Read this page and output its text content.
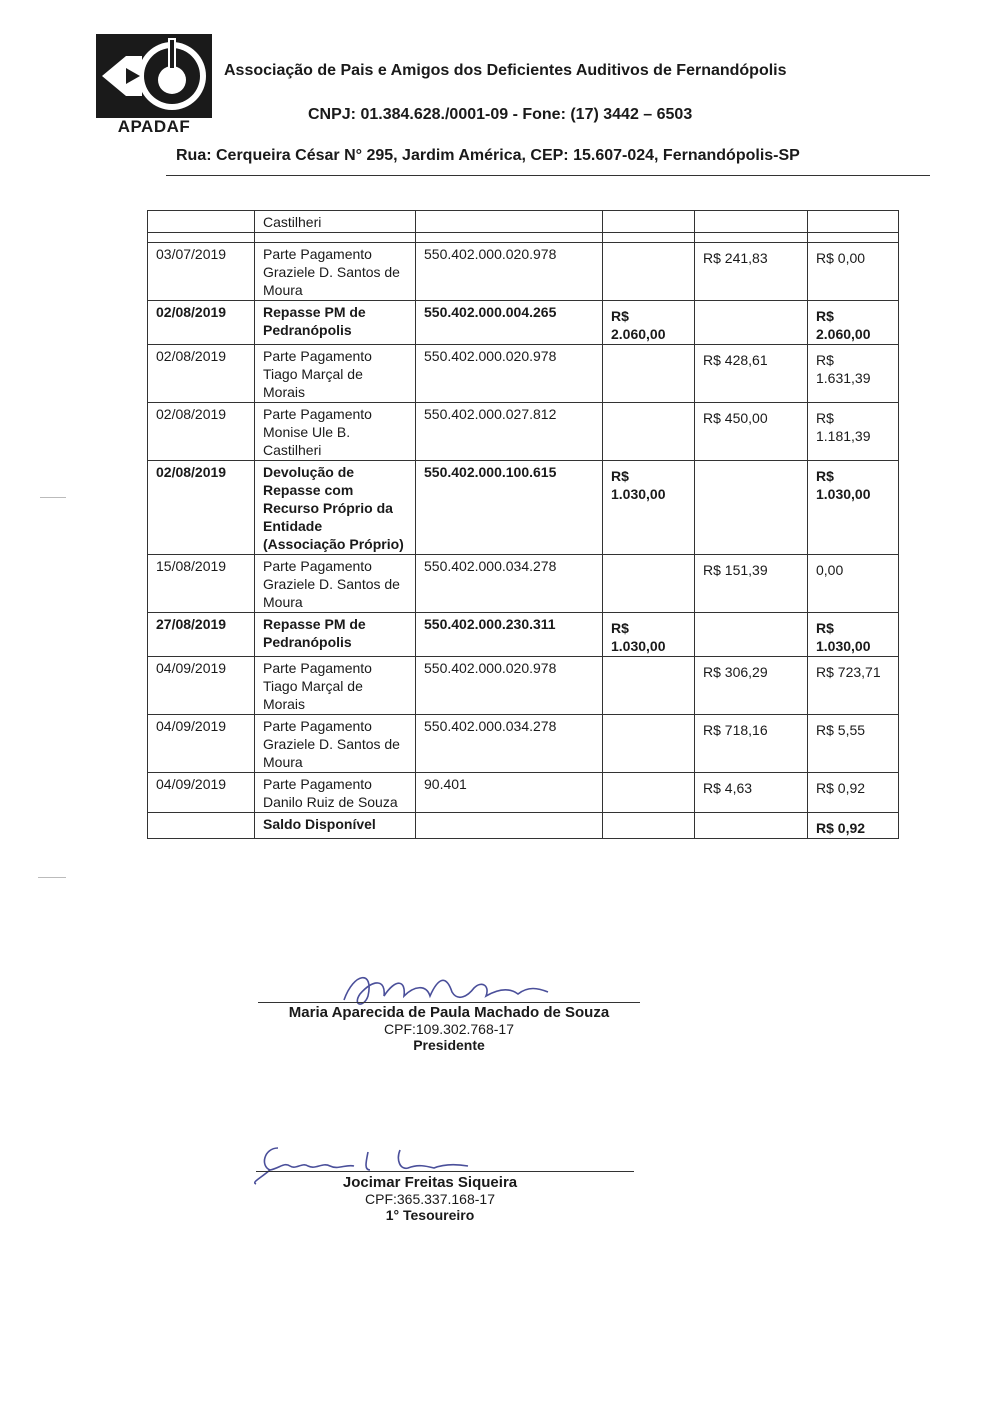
APADAF
Associação de Pais e Amigos dos Deficientes Auditivos de Fernandópolis
CNPJ: 01.384.628./0001-09 - Fone: (17) 3442 – 6503
Rua: Cerqueira César N° 295, Jardim América, CEP: 15.607-024, Fernandópolis-SP
	Castilheri				

03/07/2019	Parte Pagamento Graziele D. Santos de Moura	550.402.000.020.978		R$ 241,83	R$ 0,00
02/08/2019	Repasse PM de Pedranópolis	550.402.000.004.265	R$ 2.060,00		R$ 2.060,00
02/08/2019	Parte Pagamento Tiago Marçal de Morais	550.402.000.020.978		R$ 428,61	R$ 1.631,39
02/08/2019	Parte Pagamento Monise Ule B. Castilheri	550.402.000.027.812		R$ 450,00	R$ 1.181,39
02/08/2019	Devolução de Repasse com Recurso Próprio da Entidade (Associação Próprio)	550.402.000.100.615	R$ 1.030,00		R$ 1.030,00
15/08/2019	Parte Pagamento Graziele D. Santos de Moura	550.402.000.034.278		R$ 151,39	0,00
27/08/2019	Repasse PM de Pedranópolis	550.402.000.230.311	R$ 1.030,00		R$ 1.030,00
04/09/2019	Parte Pagamento Tiago Marçal de Morais	550.402.000.020.978		R$ 306,29	R$ 723,71
04/09/2019	Parte Pagamento Graziele D. Santos de Moura	550.402.000.034.278		R$ 718,16	R$ 5,55
04/09/2019	Parte Pagamento Danilo Ruiz de Souza	90.401		R$ 4,63	R$ 0,92
	Saldo Disponível				R$ 0,92
Maria Aparecida de Paula Machado de Souza
CPF:109.302.768-17
Presidente
Jocimar Freitas Siqueira
CPF:365.337.168-17
1° Tesoureiro
